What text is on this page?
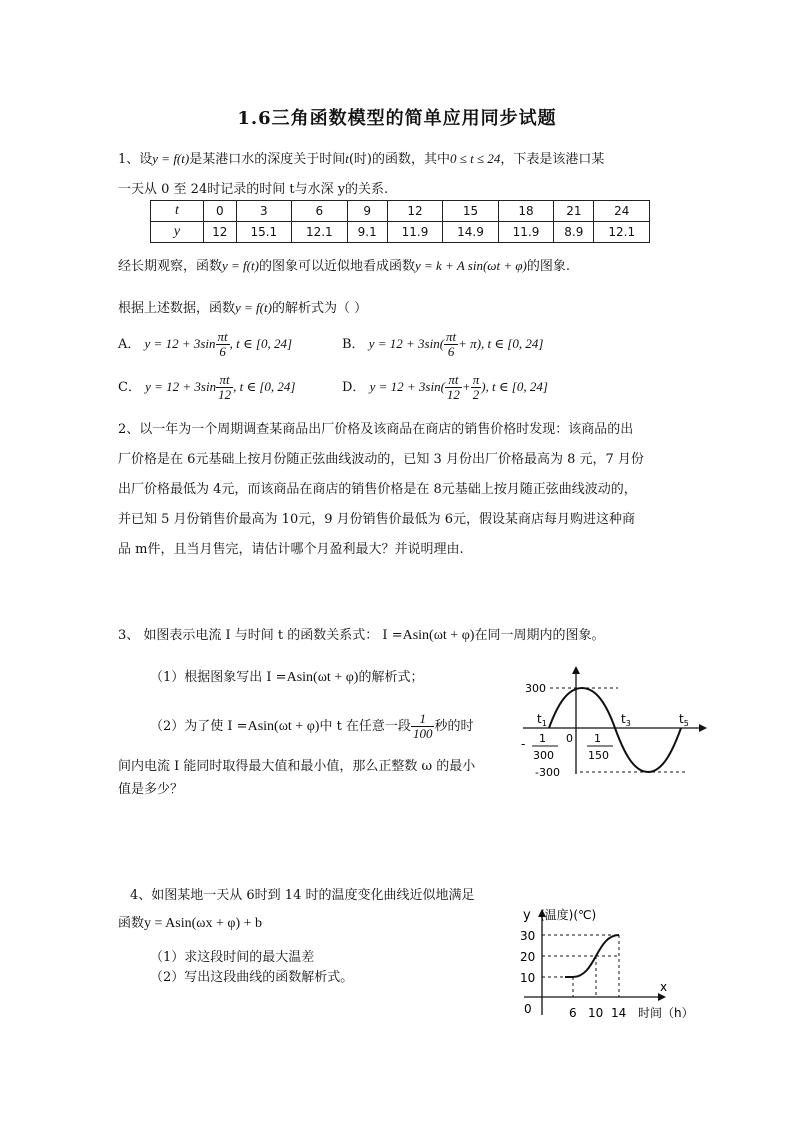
1.6三角函数模型的简单应用同步试题
1、设y = f(t)是某港口水的深度关于时间t(时)的函数，其中0 ≤ t ≤ 24，下表是该港口某
一天从 0 至 24时记录的时间 t与水深 y的关系.
t	0	3	6	9	12	15	18	21	24
y	12	15.1	12.1	9.1	11.9	14.9	11.9	8.9	12.1
经长期观察，函数y = f(t)的图象可以近似地看成函数y = k + A sin(ωt + φ)的图象.
根据上述数据，函数y = f(t)的解析式为（ ）
A． $y = 12 + 3\sin \frac{\pi t}{6}$ , t ∈ [0, 24]	B． $y = 12 + 3\sin( \frac{\pi t}{6} + \pi)$, t ∈ [0, 24]
C． $y = 12 + 3\sin \frac{\pi t}{12}$ , t ∈ [0, 24]	D． $y = 12 + 3\sin( \frac{\pi t}{12} + \frac{\pi}{2}$ ), t ∈ [0, 24]
2、以一年为一个周期调查某商品出厂价格及该商品在商店的销售价格时发现：该商品的出
厂价格是在 6元基础上按月份随正弦曲线波动的，已知 3 月份出厂价格最高为 8 元，7 月份
出厂价格最低为 4元，而该商品在商店的销售价格是在 8元基础上按月随正弦曲线波动的，
并已知 5 月份销售价最高为 10元，9 月份销售价最低为 6元，假设某商店每月购进这种商
品 m件，且当月售完，请估计哪个月盈利最大？并说明理由.
3、 如图表示电流 I 与时间 t 的函数关系式： I =Asin(ωt + φ)在同一周期内的图象。
（1）根据图象写出 I =Asin(ωt + φ)的解析式；
（2）为了使 I =Asin(ωt + φ)中 t 在任意一段 $\frac{1}{100}$ 秒的时
间内电流 I 能同时取得最大值和最小值，那么正整数 ω 的最小
值是多少？
300
-300
$t_1$	$t_3$	$t_5$
0
- 1
300
1
150
4、如图某地一天从 6时到 14 时的温度变化曲线近似地满足
函数y = Asin(ωx + φ) + b
（1）求这段时间的最大温差
（2）写出这段曲线的函数解析式。
y (温度)(℃)
30
20
10
6 10 14
x
0	时间（h）
